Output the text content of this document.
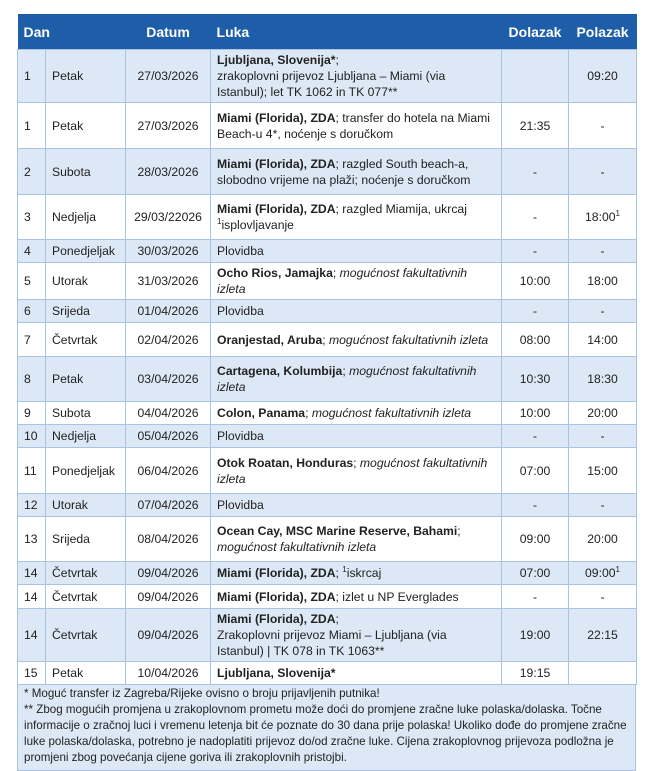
Dan		Datum	Luka	Dolazak	Polazak
1	Petak	27/03/2026	Ljubljana, Slovenija*;
zrakoplovni prijevoz Ljubljana – Miami (via Istanbul); let TK 1062 in TK 077**		09:20
1	Petak	27/03/2026	Miami (Florida), ZDA; transfer do hotela na Miami Beach-u 4*, noćenje s doručkom	21:35	-
2	Subota	28/03/2026	Miami (Florida), ZDA; razgled South beach-a, slobodno vrijeme na plaži; noćenje s doručkom	-	-
3	Nedjelja	29/03/22026	Miami (Florida), ZDA; razgled Miamija, ukrcaj
$^1$isplovljavanje	-	$18:00^1$
4	Ponedjeljak	30/03/2026	Plovidba	-	-
5	Utorak	31/03/2026	Ocho Rios, Jamajka; mogućnost fakultativnih izleta	10:00	18:00
6	Srijeda	01/04/2026	Plovidba	-	-
7	Četvrtak	02/04/2026	Oranjestad, Aruba; mogućnost fakultativnih izleta	08:00	14:00
8	Petak	03/04/2026	Cartagena, Kolumbija; mogućnost fakultativnih izleta	10:30	18:30
9	Subota	04/04/2026	Colon, Panama; mogućnost fakultativnih izleta	10:00	20:00
10	Nedjelja	05/04/2026	Plovidba	-	-
11	Ponedjeljak	06/04/2026	Otok Roatan, Honduras; mogućnost fakultativnih izleta	07:00	15:00
12	Utorak	07/04/2026	Plovidba	-	-
13	Srijeda	08/04/2026	Ocean Cay, MSC Marine Reserve, Bahami; mogućnost fakultativnih izleta	09:00	20:00
14	Četvrtak	09/04/2026	Miami (Florida), ZDA; $^1$iskrcaj	07:00	$09:00^1$
14	Četvrtak	09/04/2026	Miami (Florida), ZDA; izlet u NP Everglades	-	-
14	Četvrtak	09/04/2026	Miami (Florida), ZDA;
Zrakoplovni prijevoz Miami – Ljubljana (via Istanbul) | TK 078 in TK 1063**	19:00	22:15
15	Petak	10/04/2026	Ljubljana, Slovenija*	19:15	
* Moguć transfer iz Zagreba/Rijeke ovisno o broju prijavljenih putnika!
** Zbog mogućih promjena u zrakoplovnom prometu može doći do promjene zračne luke polaska/dolaska. Točne informacije o zračnoj luci i vremenu letenja bit će poznate do 30 dana prije polaska! Ukoliko dođe do promjene zračne luke polaska/dolaska, potrebno je nadoplatiti prijevoz do/od zračne luke. Cijena zrakoplovnog prijevoza podložna je promjeni zbog povećanja cijene goriva ili zrakoplovnih pristojbi.
